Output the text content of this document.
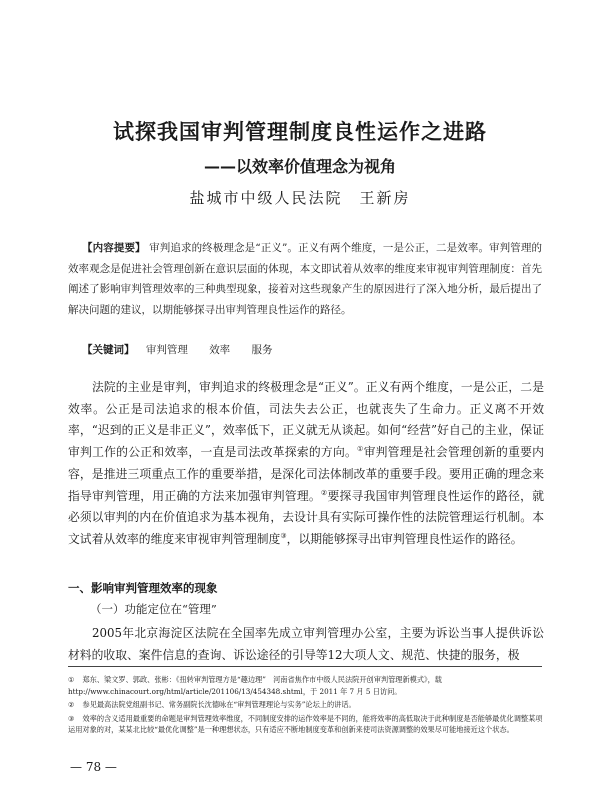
试探我国审判管理制度良性运作之进路
——以效率价值理念为视角
盐城市中级人民法院　王新房
【内容提要】 审判追求的终极理念是“正义”。正义有两个维度，一是公正，二是效率。审判管理的效率观念是促进社会管理创新在意识层面的体现，本文即试着从效率的维度来审视审判管理制度：首先阐述了影响审判管理效率的三种典型现象，接着对这些现象产生的原因进行了深入地分析，最后提出了解决问题的建议，以期能够探寻出审判管理良性运作的路径。
【关键词】 审判管理 效率 服务

法院的主业是审判，审判追求的终极理念是“正义”。正义有两个维度，一是公正，二是效率。公正是司法追求的根本价值，司法失去公正，也就丧失了生命力。正义离不开效率，“迟到的正义是非正义”，效率低下，正义就无从谈起。如何“经营”好自己的主业，保证审判工作的公正和效率，一直是司法改革探索的方向。①审判管理是社会管理创新的重要内容，是推进三项重点工作的重要举措，是深化司法体制改革的重要手段。要用正确的理念来指导审判管理，用正确的方法来加强审判管理。②要探寻我国审判管理良性运作的路径，就必须以审判的内在价值追求为基本视角，去设计具有实际可操作性的法院管理运行机制。本文试着从效率的维度来审视审判管理制度③，以期能够探寻出审判管理良性运作的路径。

一、影响审判管理效率的现象
（一）功能定位在“管理”
2005年北京海淀区法院在全国率先成立审判管理办公室，主要为诉讼当事人提供诉讼材料的收取、案件信息的查询、诉讼途径的引导等12大项人文、规范、快捷的服务，极

① 郑东、梁文罗、郭政、张彬：《扭转审判管理方是“趣边理”　河南省焦作市中级人民法院开创审判管理新模式》，载 http://www.chinacourt.org/html/article/201106/13/454348.shtml，于 2011 年 7 月 5 日访问。

② 参见最高法院党组副书记、常务副院长沈德咏在“审判管理理论与实务”论坛上的讲话。

③ 效率的含义适用最重要的命题是审判管理效率维度，不同制度安排的运作效率是不同的，能将效率的高低取决于此种制度是否能够最优化调整某项运用对象的对，某某北比较“最优化调整”是一种理想状态，只有适应不断地制度变革和创新来使司法资源调整的效果尽可能地接近这个状态。

— 78 —
